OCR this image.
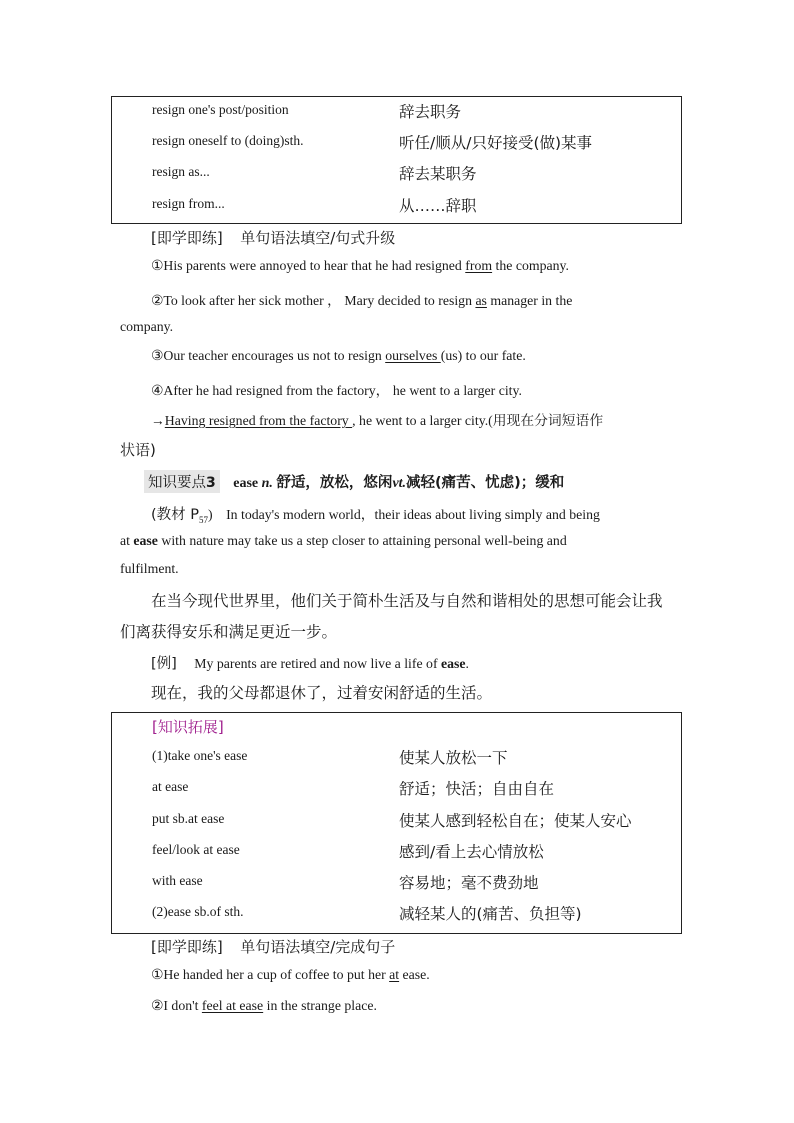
resign one's post/position	辞去职务
resign oneself to (doing)sth.	听任/顺从/只好接受(做)某事
resign as...	辞去某职务
resign from...	从……辞职
[即学即练] 单句语法填空/句式升级
①His parents were annoyed to hear that he had resigned from the company.
②To look after her sick mother ， Mary decided to resign as manager in the
company.
③Our teacher encourages us not to resign ourselves (us) to our fate.
④After he had resigned from the factory， he went to a larger city.
→Having resigned from the factory , he went to a larger city.(用现在分词短语作
状语)
知识要点3 ease n. 舒适，放松，悠闲vt.减轻(痛苦、忧虑)；缓和
(教材 $P_{57}$) In today's modern world，their ideas about living simply and being
at ease with nature may take us a step closer to attaining personal well-being and
fulfilment.
在当今现代世界里，他们关于简朴生活及与自然和谐相处的思想可能会让我
们离获得安乐和满足更近一步。
[例] My parents are retired and now live a life of ease.
现在，我的父母都退休了，过着安闲舒适的生活。
[知识拓展]
(1)take one's ease	使某人放松一下
at ease	舒适；快活；自由自在
put sb.at ease	使某人感到轻松自在；使某人安心
feel/look at ease	感到/看上去心情放松
with ease	容易地；毫不费劲地
(2)ease sb.of sth.	减轻某人的(痛苦、负担等)
[即学即练] 单句语法填空/完成句子
①He handed her a cup of coffee to put her at ease.
②I don't feel at ease in the strange place.
